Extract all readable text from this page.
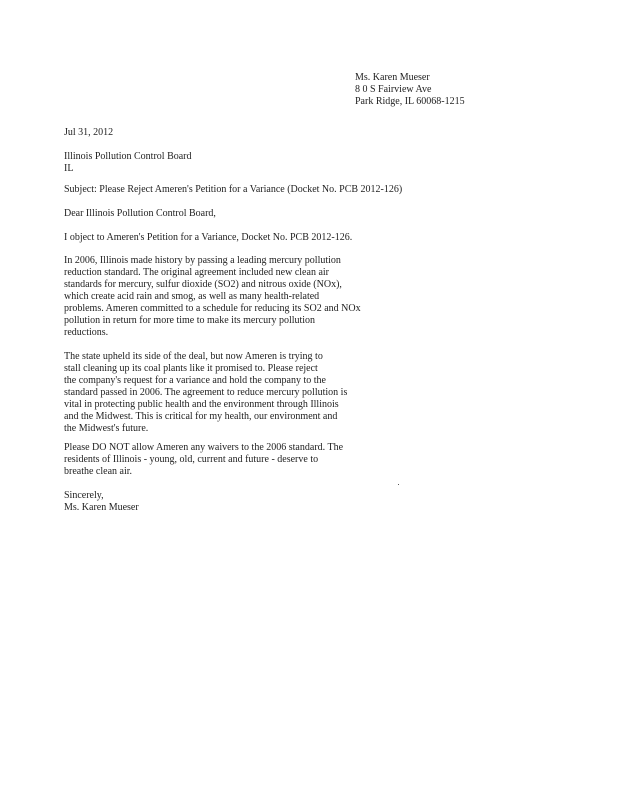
Ms. Karen Mueser
8 0 S Fairview Ave
Park Ridge, IL 60068-1215
Jul 31, 2012
Illinois Pollution Control Board
IL
Subject: Please Reject Ameren's Petition for a Variance (Docket No. PCB 2012-126)
Dear Illinois Pollution Control Board,
I object to Ameren's Petition for a Variance, Docket No. PCB 2012-126.
In 2006, Illinois made history by passing a leading mercury pollution
reduction standard. The original agreement included new clean air
standards for mercury, sulfur dioxide (SO2) and nitrous oxide (NOx),
which create acid rain and smog, as well as many health-related
problems. Ameren committed to a schedule for reducing its SO2 and NOx
pollution in return for more time to make its mercury pollution
reductions.
The state upheld its side of the deal, but now Ameren is trying to
stall cleaning up its coal plants like it promised to. Please reject
the company's request for a variance and hold the company to the
standard passed in 2006. The agreement to reduce mercury pollution is
vital in protecting public health and the environment through Illinois
and the Midwest. This is critical for my health, our environment and
the Midwest's future.
Please DO NOT allow Ameren any waivers to the 2006 standard. The
residents of Illinois - young, old, current and future - deserve to
breathe clean air.
Sincerely,
Ms. Karen Mueser
